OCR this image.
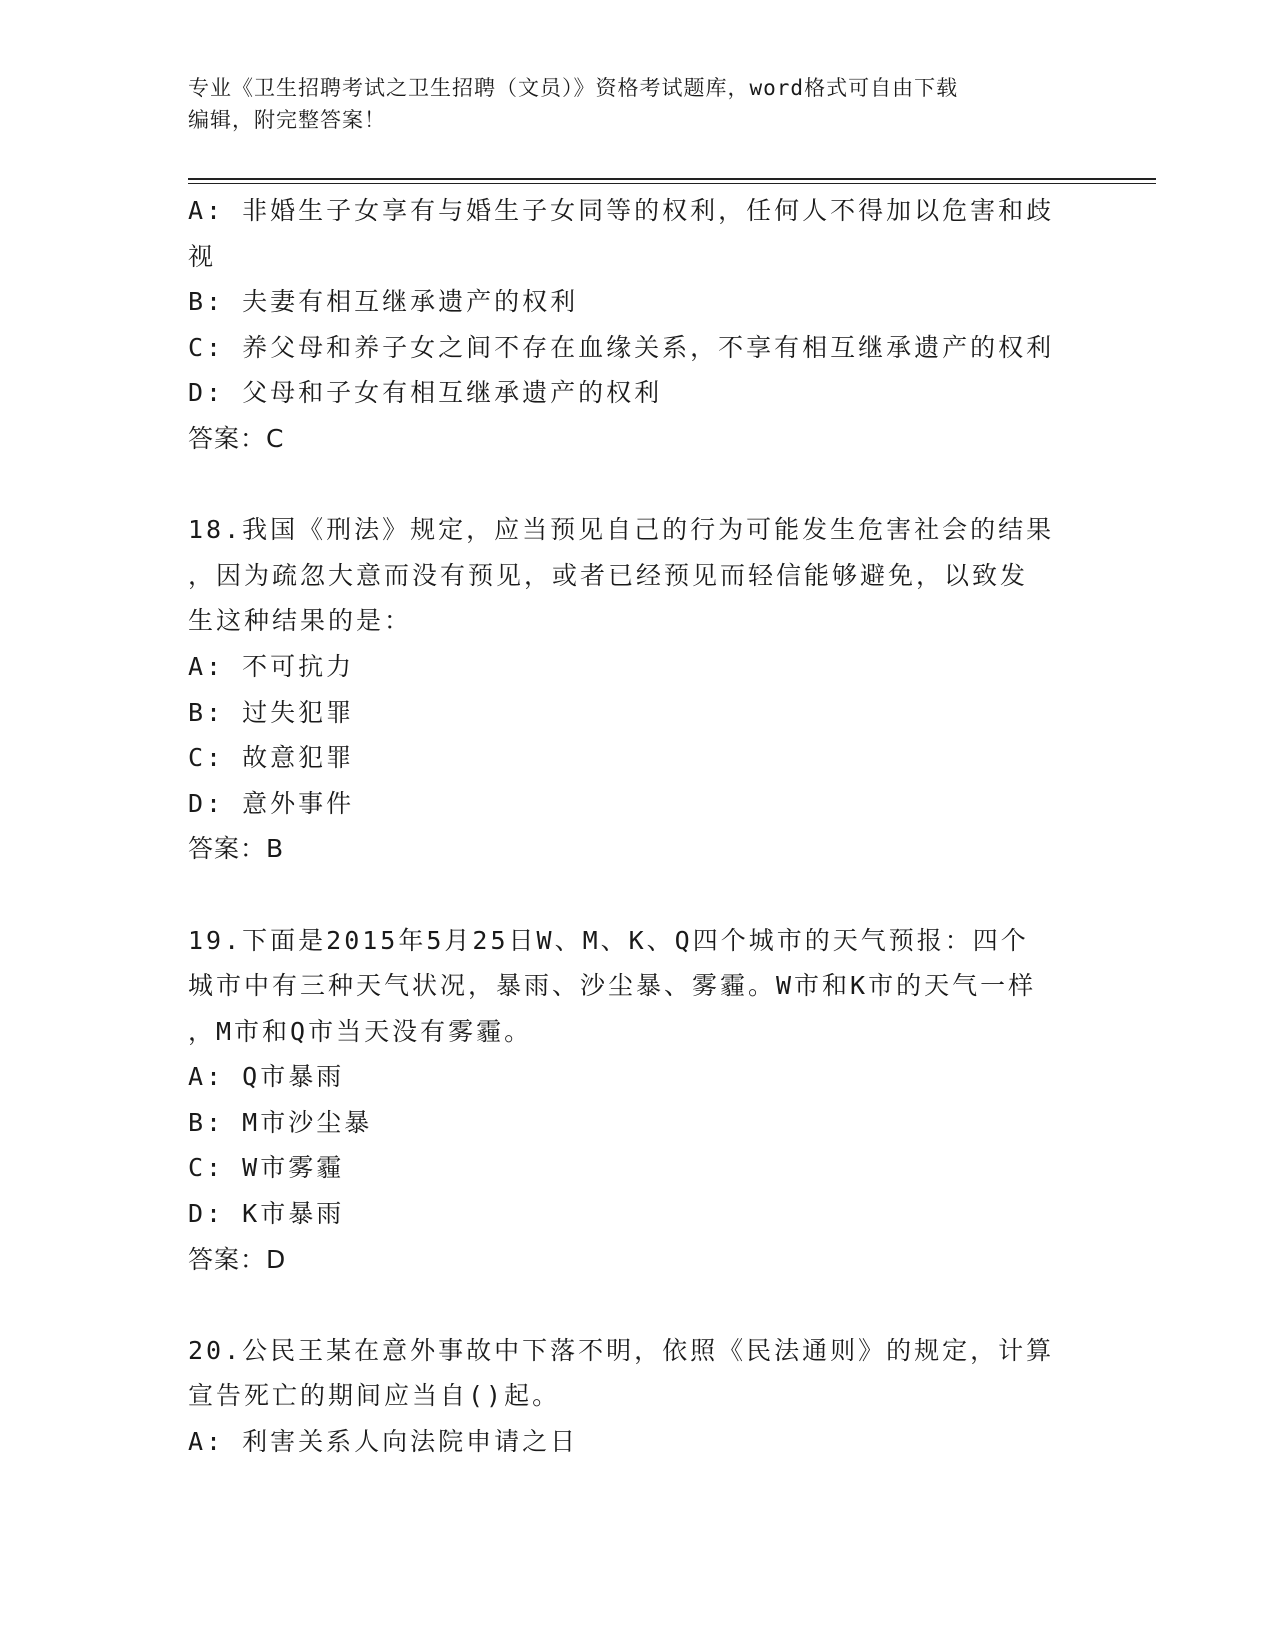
专业《卫生招聘考试之卫生招聘（文员）》资格考试题库，word格式可自由下载
编辑，附完整答案！
A: 非婚生子女享有与婚生子女同等的权利，任何人不得加以危害和歧
视
B: 夫妻有相互继承遗产的权利
C: 养父母和养子女之间不存在血缘关系，不享有相互继承遗产的权利
D: 父母和子女有相互继承遗产的权利
答案：C
18.我国《刑法》规定，应当预见自己的行为可能发生危害社会的结果
，因为疏忽大意而没有预见，或者已经预见而轻信能够避免，以致发
生这种结果的是：
A: 不可抗力
B: 过失犯罪
C: 故意犯罪
D: 意外事件
答案：B
19.下面是2015年5月25日W、M、K、Q四个城市的天气预报：四个
城市中有三种天气状况，暴雨、沙尘暴、雾霾。W市和K市的天气一样
，M市和Q市当天没有雾霾。
A: Q市暴雨
B: M市沙尘暴
C: W市雾霾
D: K市暴雨
答案：D
20.公民王某在意外事故中下落不明，依照《民法通则》的规定，计算
宣告死亡的期间应当自()起。
A: 利害关系人向法院申请之日
